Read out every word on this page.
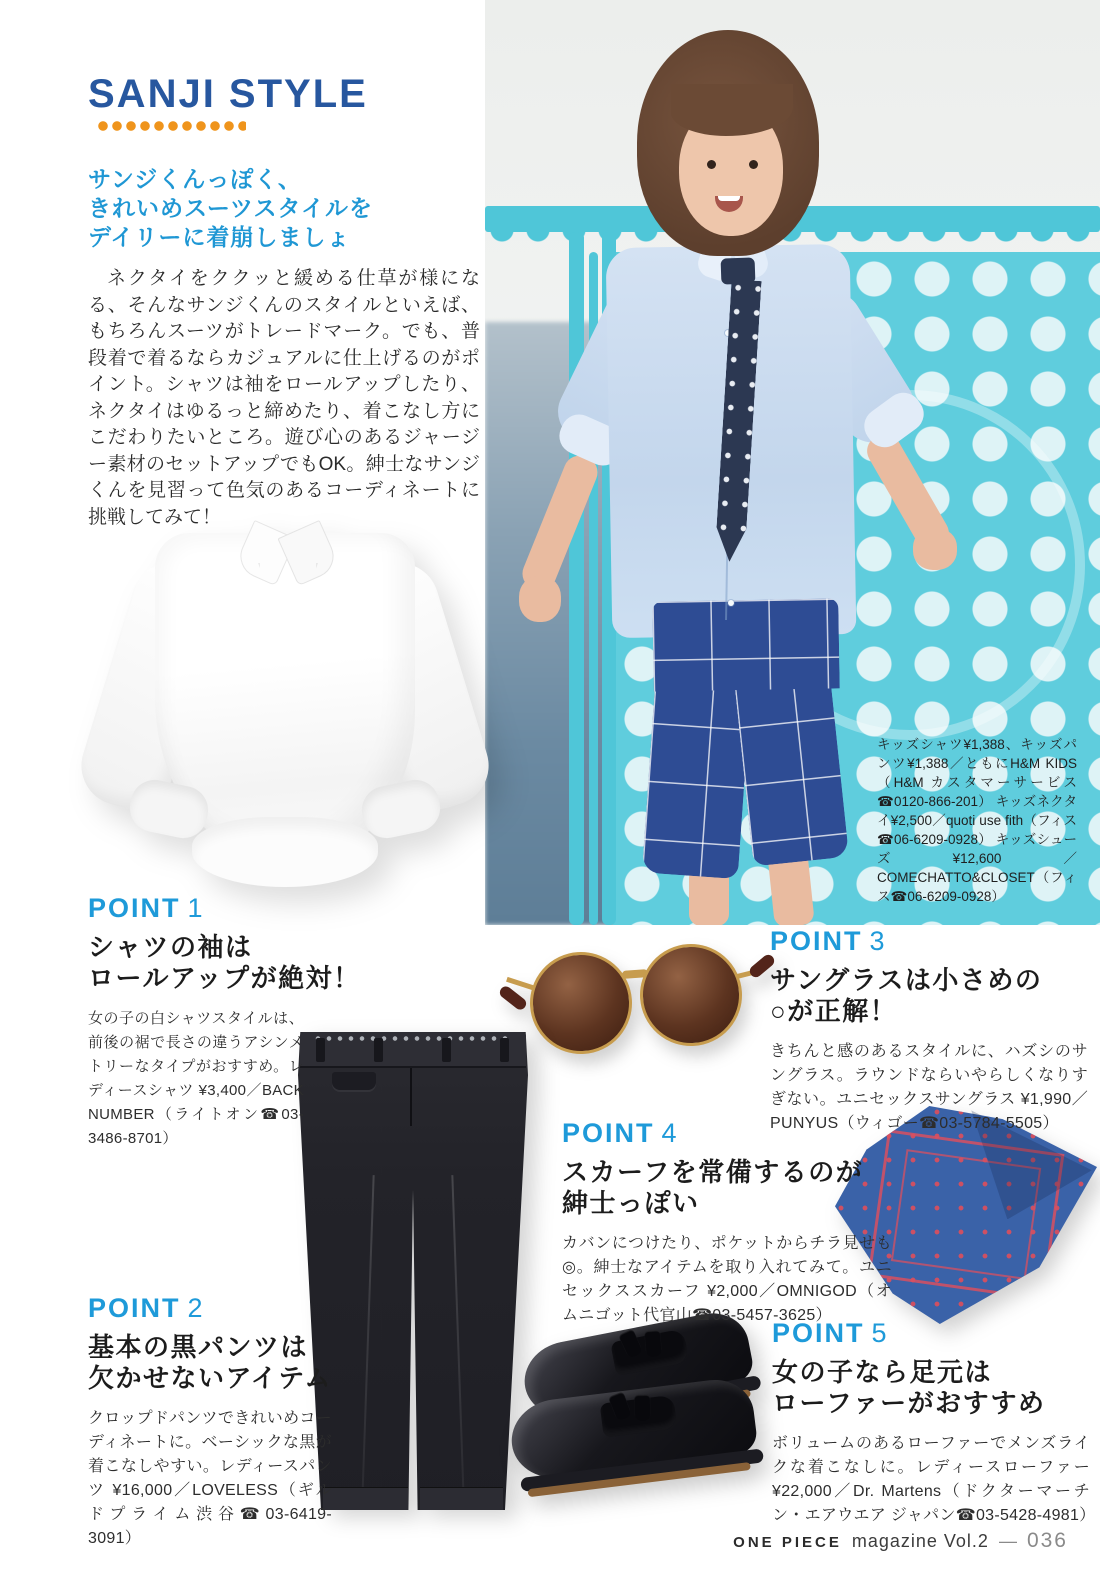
SANJI STYLE
サンジくんっぽく、
きれいめスーツスタイルを
デイリーに着崩しましょ

ネクタイをククッと緩める仕草が様になる、そんなサンジくんのスタイルといえば、もちろんスーツがトレードマーク。でも、普段着で着るならカジュアルに仕上げるのがポイント。シャツは袖をロールアップしたり、ネクタイはゆるっと締めたり、着こなし方にこだわりたいところ。遊び心のあるジャージー素材のセットアップでもOK。紳士なサンジくんを見習って色気のあるコーディネートに挑戦してみて！

キッズシャツ¥1,388、キッズパンツ¥1,388／ともにH&M KIDS（H&M カスタマーサービス☎0120-866-201） キッズネクタイ¥2,500／quoti use fith（フィス☎06-6209-0928） キッズシューズ¥12,600／COMECHATTO&CLOSET（フィス☎06-6209-0928）

POINT 1
シャツの袖は
ロールアップが絶対！

女の子の白シャツスタイルは、前後の裾で長さの違うアシンメトリーなタイプがおすすめ。レディースシャツ ¥3,400／BACK NUMBER（ライトオン☎03-3486-8701）

POINT 2
基本の黒パンツは
欠かせないアイテム

クロップドパンツできれいめコーディネートに。ベーシックな黒が着こなしやすい。レディースパンツ ¥16,000／LOVELESS（ギルドプライム渋谷☎03-6419-3091）

POINT 3
サングラスは小さめの
○が正解！

きちんと感のあるスタイルに、ハズシのサングラス。ラウンドならいやらしくなりすぎない。ユニセックスサングラス ¥1,990／PUNYUS（ウィゴー☎03-5784-5505）

POINT 4
スカーフを常備するのが
紳士っぽい

カバンにつけたり、ポケットからチラ見せも◎。紳士なアイテムを取り入れてみて。ユニセックススカーフ ¥2,000／OMNIGOD（オムニゴット代官山☎03-5457-3625）

POINT 5
女の子なら足元は
ローファーがおすすめ

ボリュームのあるローファーでメンズライクな着こなしに。レディースローファー¥22,000／Dr. Martens（ドクターマーチン・エアウエア ジャパン☎03-5428-4981）

ONE PIECE magazine Vol.2 — 036
